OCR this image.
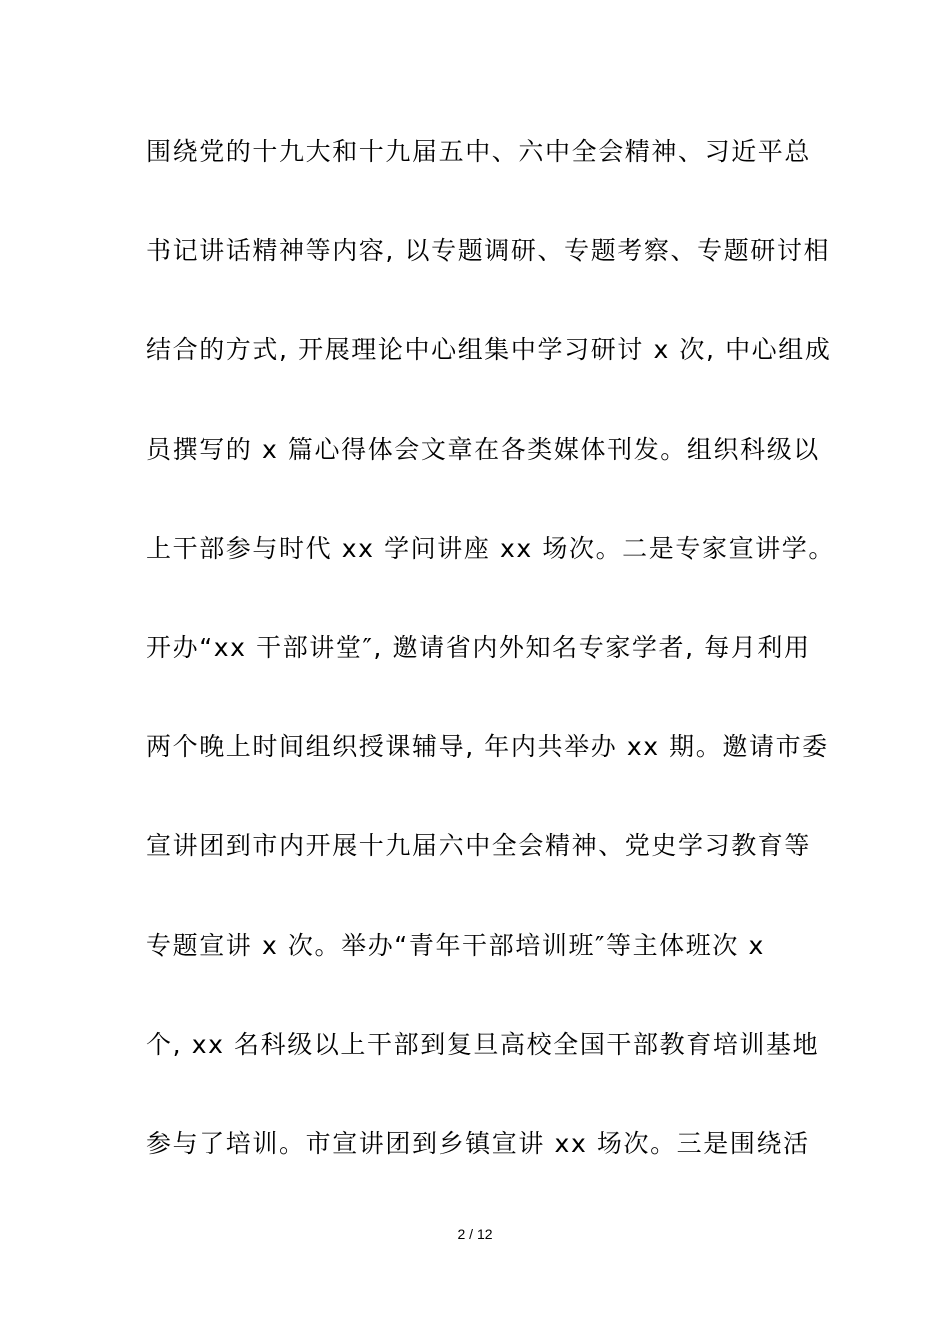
围绕党的十九大和十九届五中、六中全会精神、习近平总
书记讲话精神等内容, 以专题调研、专题考察、专题研讨相
结合的方式, 开展理论中心组集中学习研讨 x 次, 中心组成
员撰写的 x 篇心得体会文章在各类媒体刊发。组织科级以
上干部参与时代 xx 学问讲座 xx 场次。二是专家宣讲学。
开办“xx 干部讲堂″, 邀请省内外知名专家学者, 每月利用
两个晚上时间组织授课辅导, 年内共举办 xx 期。邀请市委
宣讲团到市内开展十九届六中全会精神、党史学习教育等
专题宣讲 x 次。举办“青年干部培训班″等主体班次 x
个, xx 名科级以上干部到复旦高校全国干部教育培训基地
参与了培训。市宣讲团到乡镇宣讲 xx 场次。三是围绕活
2 / 12
